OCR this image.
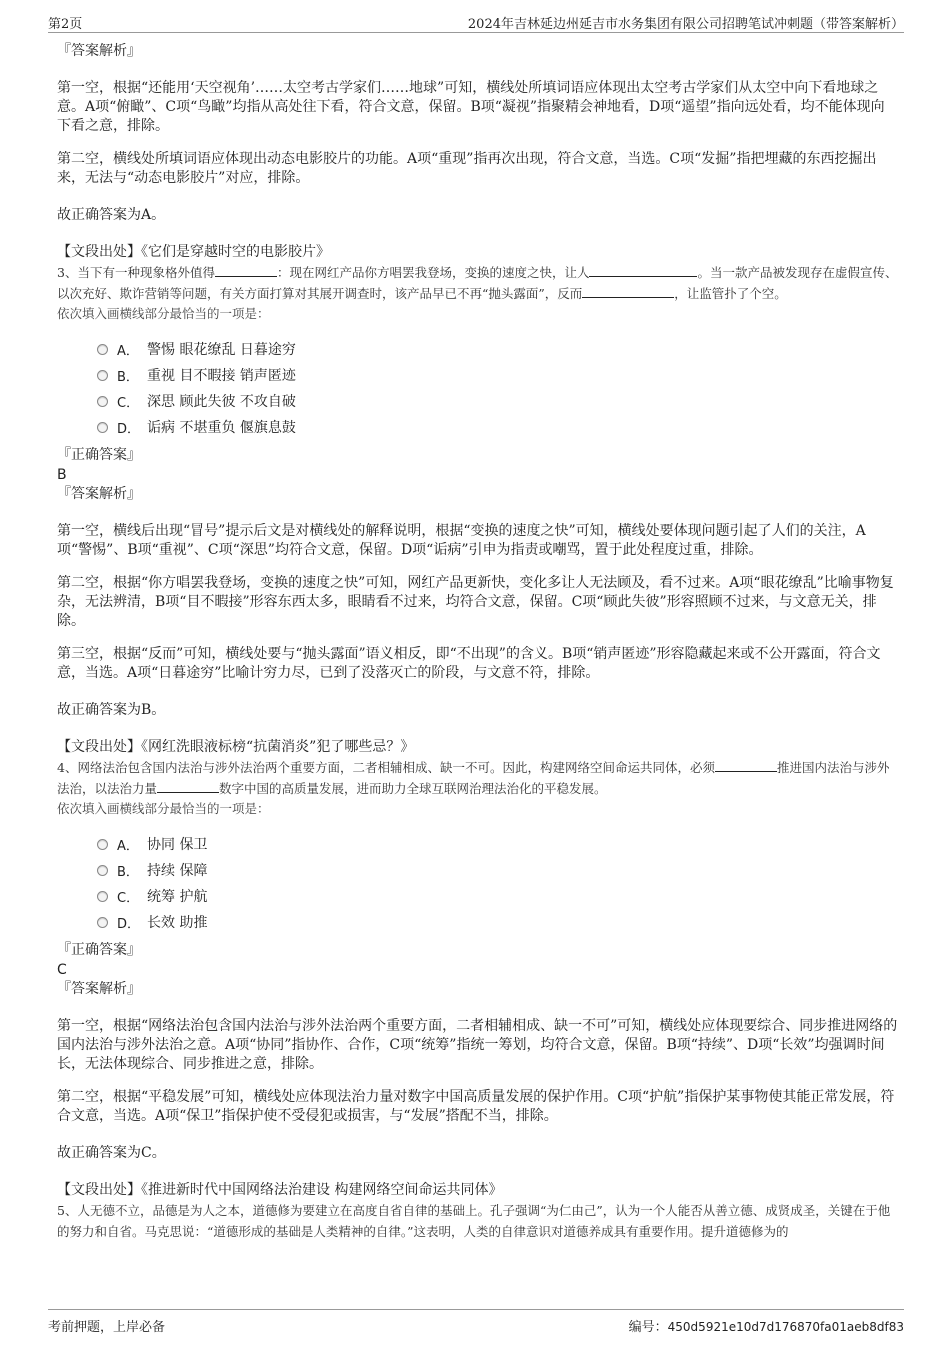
第2页	2024年吉林延边州延吉市水务集团有限公司招聘笔试冲刺题（带答案解析）

『答案解析』

第一空，根据“还能用‘天空视角’……太空考古学家们……地球”可知，横线处所填词语应体现出太空考古学家们从太空中向下看地球之意。A项“俯瞰”、C项“鸟瞰”均指从高处往下看，符合文意，保留。B项“凝视”指聚精会神地看，D项“遥望”指向远处看，均不能体现向下看之意，排除。

第二空，横线处所填词语应体现出动态电影胶片的功能。A项“重现”指再次出现，符合文意，当选。C项“发掘”指把埋藏的东西挖掘出来，无法与“动态电影胶片”对应，排除。

故正确答案为A。

【文段出处】《它们是穿越时空的电影胶片》

3、当下有一种现象格外值得	：现在网红产品你方唱罢我登场，变换的速度之快，让人	。当一款产品被发现存在虚假宣传、以次充好、欺诈营销等问题，有关方面打算对其展开调查时，该产品早已不再“抛头露面”，反而	，让监管扑了个空。

依次填入画横线部分最恰当的一项是：

A． 警惕 眼花缭乱 日暮途穷
B． 重视 目不暇接 销声匿迹
C． 深思 顾此失彼 不攻自破
D． 诟病 不堪重负 偃旗息鼓

『正确答案』

B

『答案解析』

第一空，横线后出现“冒号”提示后文是对横线处的解释说明，根据“变换的速度之快”可知，横线处要体现问题引起了人们的关注，A项“警惕”、B项“重视”、C项“深思”均符合文意，保留。D项“诟病”引申为指责或嘲骂，置于此处程度过重，排除。

第二空，根据“你方唱罢我登场，变换的速度之快”可知，网红产品更新快，变化多让人无法顾及，看不过来。A项“眼花缭乱”比喻事物复杂，无法辨清，B项“目不暇接”形容东西太多，眼睛看不过来，均符合文意，保留。C项“顾此失彼”形容照顾不过来，与文意无关，排除。

第三空，根据“反而”可知，横线处要与“抛头露面”语义相反，即“不出现”的含义。B项“销声匿迹”形容隐藏起来或不公开露面，符合文意，当选。A项“日暮途穷”比喻计穷力尽，已到了没落灭亡的阶段，与文意不符，排除。

故正确答案为B。

【文段出处】《网红洗眼液标榜“抗菌消炎”犯了哪些忌？》

4、网络法治包含国内法治与涉外法治两个重要方面，二者相辅相成、缺一不可。因此，构建网络空间命运共同体，必须	推进国内法治与涉外法治，以法治力量	数字中国的高质量发展，进而助力全球互联网治理法治化的平稳发展。

依次填入画横线部分最恰当的一项是：

A． 协同 保卫
B． 持续 保障
C． 统筹 护航
D． 长效 助推

『正确答案』

C

『答案解析』

第一空，根据“网络法治包含国内法治与涉外法治两个重要方面，二者相辅相成、缺一不可”可知，横线处应体现要综合、同步推进网络的国内法治与涉外法治之意。A项“协同”指协作、合作，C项“统筹”指统一筹划，均符合文意，保留。B项“持续”、D项“长效”均强调时间长，无法体现综合、同步推进之意，排除。

第二空，根据“平稳发展”可知，横线处应体现法治力量对数字中国高质量发展的保护作用。C项“护航”指保护某事物使其能正常发展，符合文意，当选。A项“保卫”指保护使不受侵犯或损害，与“发展”搭配不当，排除。

故正确答案为C。

【文段出处】《推进新时代中国网络法治建设 构建网络空间命运共同体》

5、人无德不立，品德是为人之本，道德修为要建立在高度自省自律的基础上。孔子强调“为仁由己”，认为一个人能否从善立德、成贤成圣，关键在于他的努力和自省。马克思说：“道德形成的基础是人类精神的自律。”这表明，人类的自律意识对道德养成具有重要作用。提升道德修为的

考前押题，上岸必备	编号：450d5921e10d7d176870fa01aeb8df83
